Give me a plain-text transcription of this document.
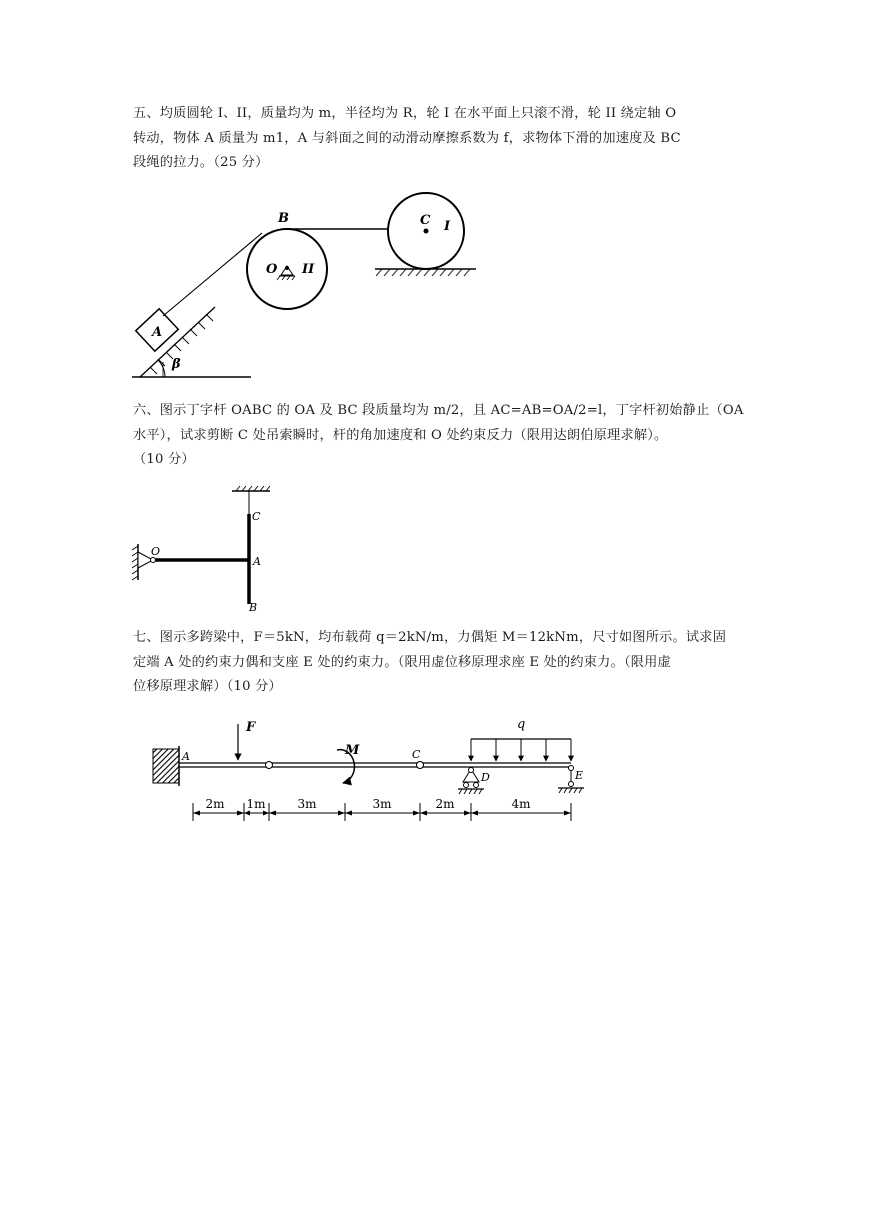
五、均质圆轮 I、II，质量均为 m，半径均为 R，轮 I 在水平面上只滚不滑，轮 II 绕定轴 O
转动，物体 A 质量为 m1，A 与斜面之间的动滑动摩擦系数为 f，求物体下滑的加速度及 BC
段绳的拉力。（25 分）
B	C I
O II
A
β
六、图示丁字杆 OABC 的 OA 及 BC 段质量均为 m/2，且 AC=AB=OA/2=l，丁字杆初始静止（OA
水平），试求剪断 C 处吊索瞬时，杆的角加速度和 O 处约束反力（限用达朗伯原理求解）。
（10 分）
C
O
A
B
七、图示多跨梁中，F＝5kN，均布载荷 q＝2kN/m，力偶矩 M＝12kNm，尺寸如图所示。试求固
定端 A 处的约束力偶和支座 E 处的约束力。（限用虚位移原理求座 E 处的约束力。（限用虚
位移原理求解）（10 分）
2m 1m	3m	3m	2m	4m
F
M
q
A	C
D	E
